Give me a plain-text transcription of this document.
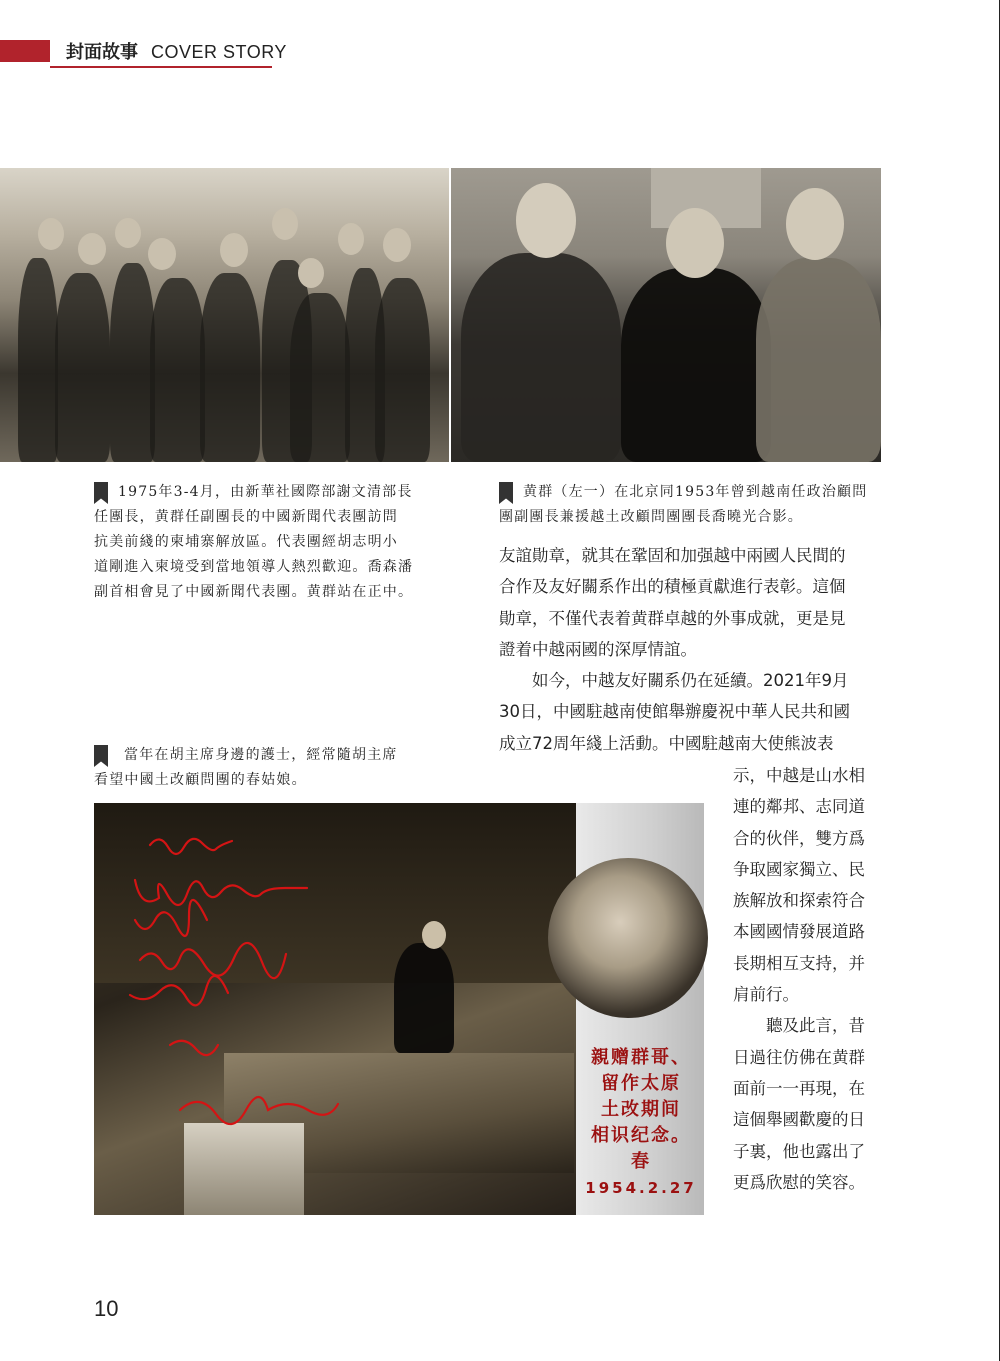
封面故事 COVER STORY

1975年3-4月，由新華社國際部謝文清部長

任團長，黄群任副團長的中國新聞代表團訪問

抗美前綫的柬埔寨解放區。代表團經胡志明小

道剛進入柬境受到當地領導人熱烈歡迎。喬森潘

副首相會見了中國新聞代表團。黄群站在正中。

黄群（左一）在北京同1953年曾到越南任政治顧問

團副團長兼援越土改顧問團團長喬曉光合影。

友誼勛章，就其在鞏固和加强越中兩國人民間的

合作及友好關系作出的積極貢獻進行表彰。這個

勛章，不僅代表着黄群卓越的外事成就，更是見

證着中越兩國的深厚情誼。

　　如今，中越友好關系仍在延續。2021年9月

30日，中國駐越南使館舉辦慶祝中華人民共和國

成立72周年綫上活動。中國駐越南大使熊波表

當年在胡主席身邊的護士，經常隨胡主席

看望中國土改顧問團的春姑娘。

親赠群哥、

留作太原

土改期间

相识纪念。

春

1954.2.27

示，中越是山水相

連的鄰邦、志同道

合的伙伴，雙方爲

争取國家獨立、民

族解放和探索符合

本國國情發展道路

長期相互支持，并

肩前行。

　　聽及此言，昔

日過往仿佛在黄群

面前一一再現，在

這個舉國歡慶的日

子裏，他也露出了

更爲欣慰的笑容。

10
